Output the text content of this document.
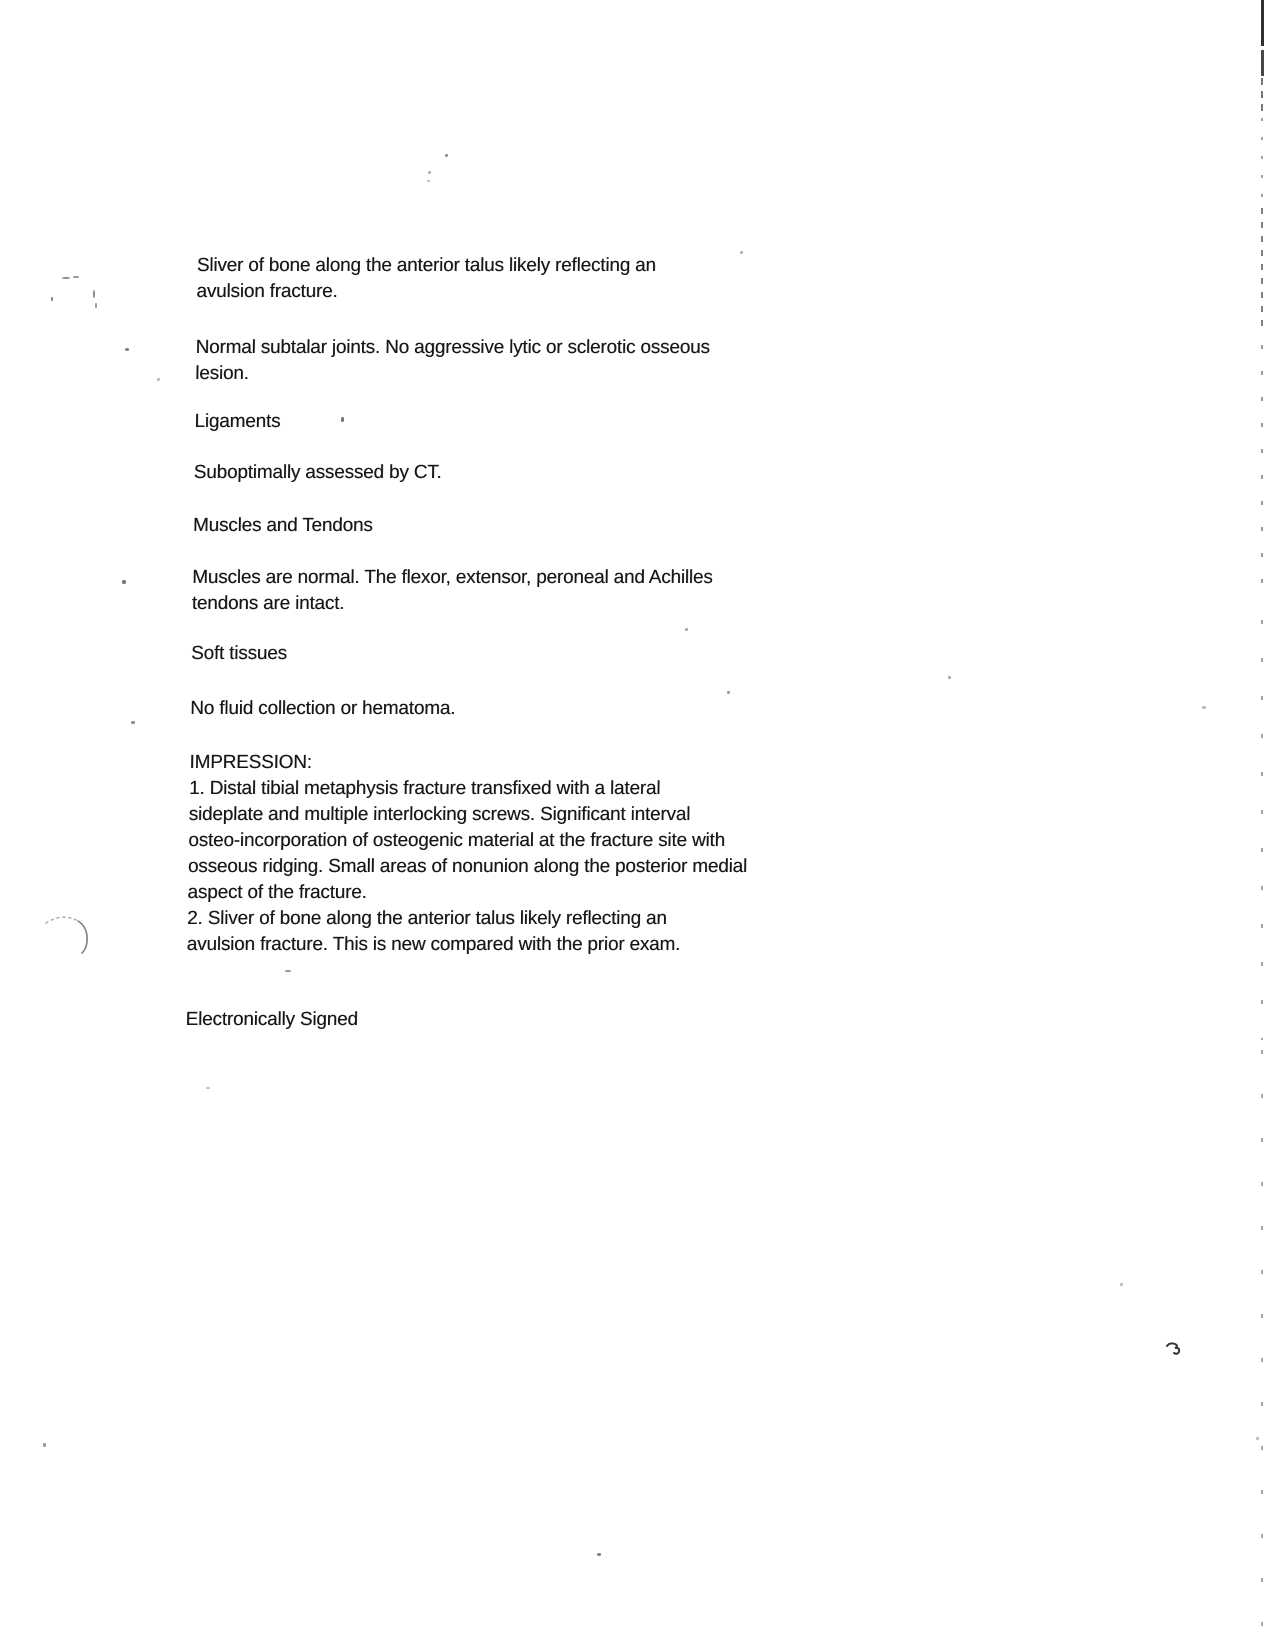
Sliver of bone along the anterior talus likely reflecting an
avulsion fracture.

Normal subtalar joints. No aggressive lytic or sclerotic osseous
lesion.

Ligaments

Suboptimally assessed by CT.

Muscles and Tendons

Muscles are normal. The flexor, extensor, peroneal and Achilles
tendons are intact.

Soft tissues

No fluid collection or hematoma.

IMPRESSION:
1. Distal tibial metaphysis fracture transfixed with a lateral
sideplate and multiple interlocking screws. Significant interval
osteo-incorporation of osteogenic material at the fracture site with
osseous ridging. Small areas of nonunion along the posterior medial
aspect of the fracture.
2. Sliver of bone along the anterior talus likely reflecting an
avulsion fracture. This is new compared with the prior exam.

Electronically Signed
